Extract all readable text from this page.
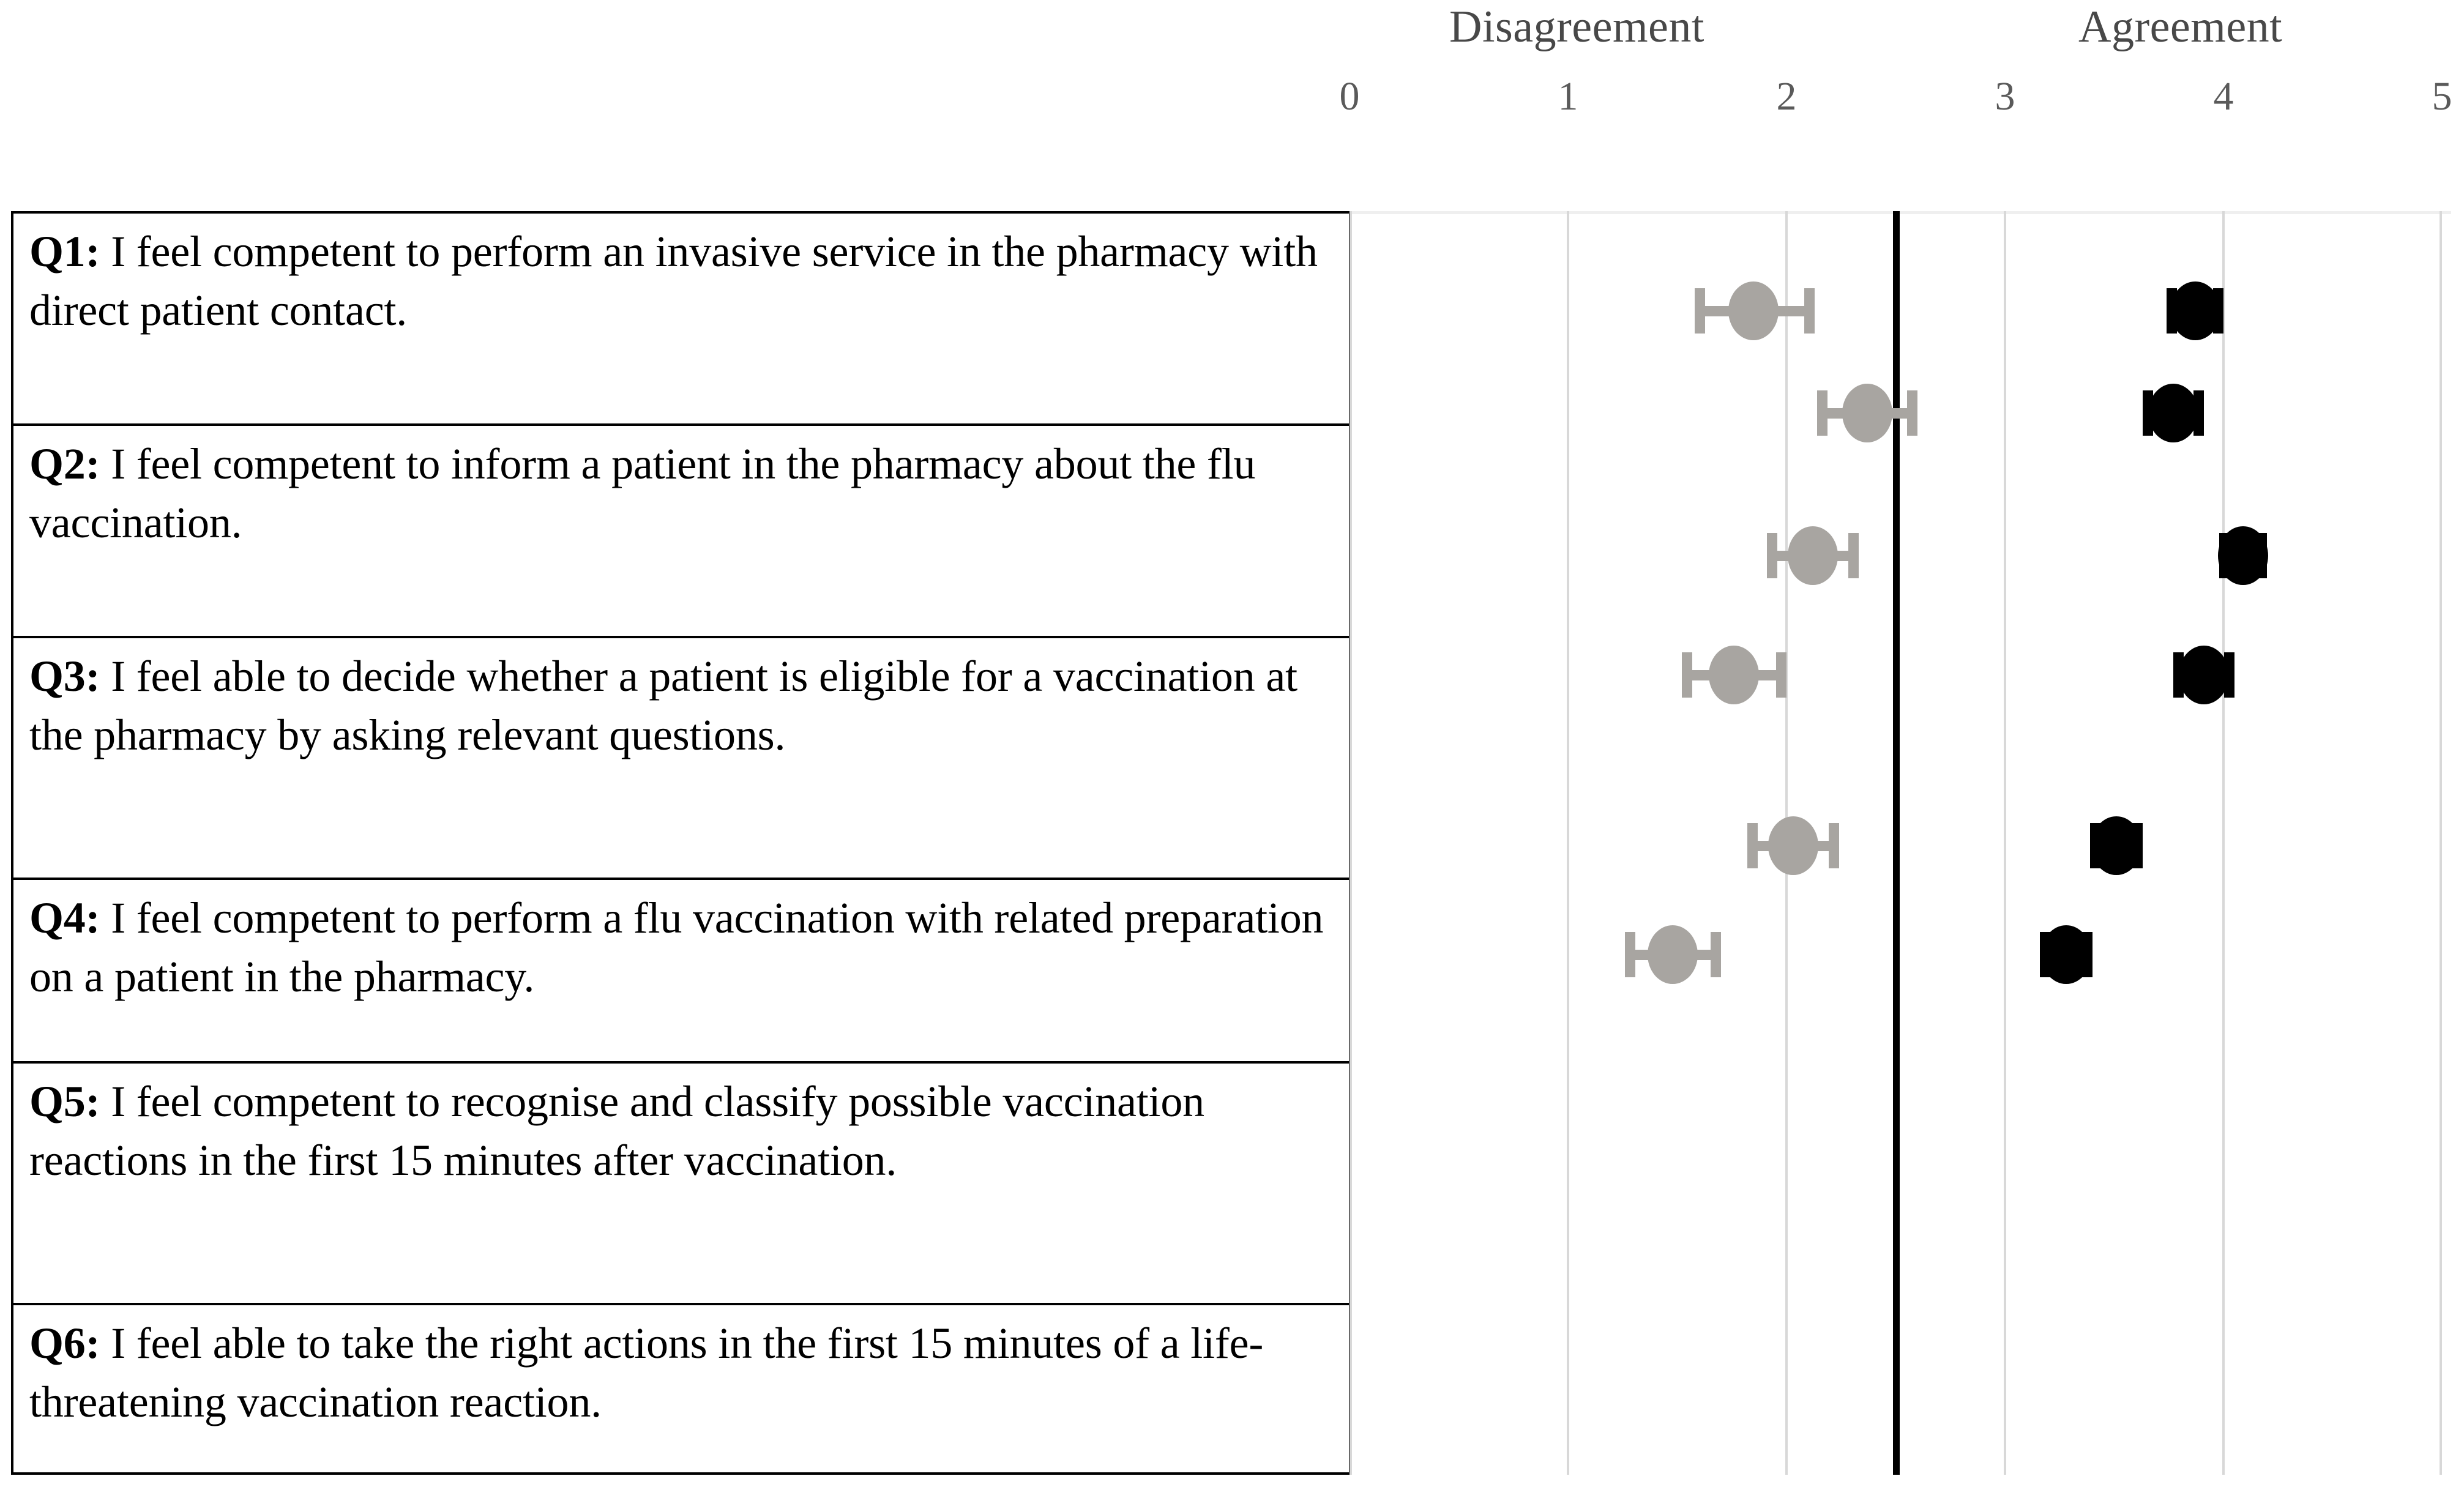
Disagreement	Agreement
0	1	2	3	4	5
Q1: I feel competent to perform an invasive service in the pharmacy with direct patient contact.
Q2: I feel competent to inform a patient in the pharmacy about the flu vaccination.
Q3: I feel able to decide whether a patient is eligible for a vaccination at the pharmacy by asking relevant questions.
Q4: I feel competent to perform a flu vaccination with related preparation on a patient in the pharmacy.
Q5: I feel competent to recognise and classify possible vaccination reactions in the first 15 minutes after vaccination.
Q6: I feel able to take the right actions in the first 15 minutes of a life-threatening vaccination reaction.
